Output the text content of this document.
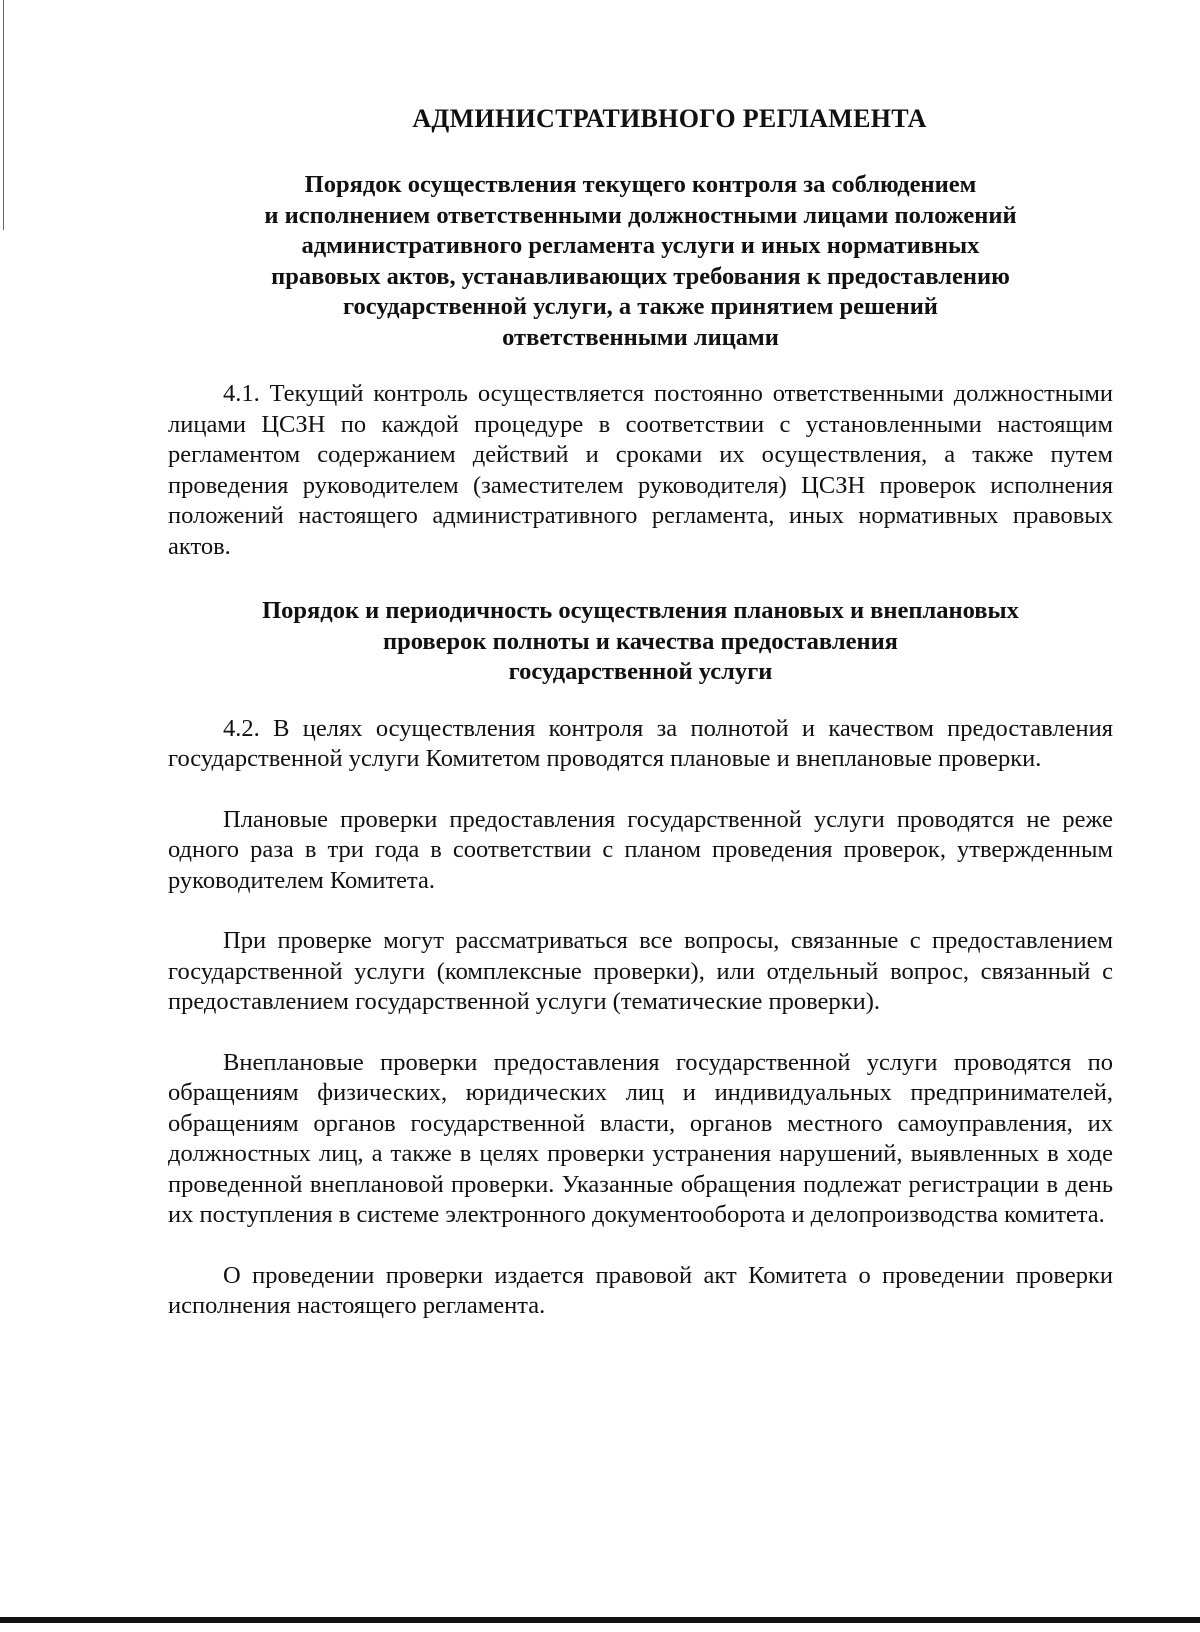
АДМИНИСТРАТИВНОГО РЕГЛАМЕНТА
Порядок осуществления текущего контроля за соблюдением
и исполнением ответственными должностными лицами положений
административного регламента услуги и иных нормативных
правовых актов, устанавливающих требования к предоставлению
государственной услуги, а также принятием решений
ответственными лицами

4.1. Текущий контроль осуществляется постоянно ответственными должностными лицами ЦСЗН по каждой процедуре в соответствии с установленными настоящим регламентом содержанием действий и сроками их осуществления, а также путем проведения руководителем (заместителем руководителя) ЦСЗН проверок исполнения положений настоящего административного регламента, иных нормативных правовых актов.

Порядок и периодичность осуществления плановых и внеплановых
проверок полноты и качества предоставления
государственной услуги

4.2. В целях осуществления контроля за полнотой и качеством предоставления государственной услуги Комитетом проводятся плановые и внеплановые проверки.

Плановые проверки предоставления государственной услуги проводятся не реже одного раза в три года в соответствии с планом проведения проверок, утвержденным руководителем Комитета.

При проверке могут рассматриваться все вопросы, связанные с предоставлением государственной услуги (комплексные проверки), или отдельный вопрос, связанный с предоставлением государственной услуги (тематические проверки).

Внеплановые проверки предоставления государственной услуги проводятся по обращениям физических, юридических лиц и индивидуальных предпринимателей, обращениям органов государственной власти, органов местного самоуправления, их должностных лиц, а также в целях проверки устранения нарушений, выявленных в ходе проведенной внеплановой проверки. Указанные обращения подлежат регистрации в день их поступления в системе электронного документооборота и делопроизводства комитета.

О проведении проверки издается правовой акт Комитета о проведении проверки исполнения настоящего регламента.
